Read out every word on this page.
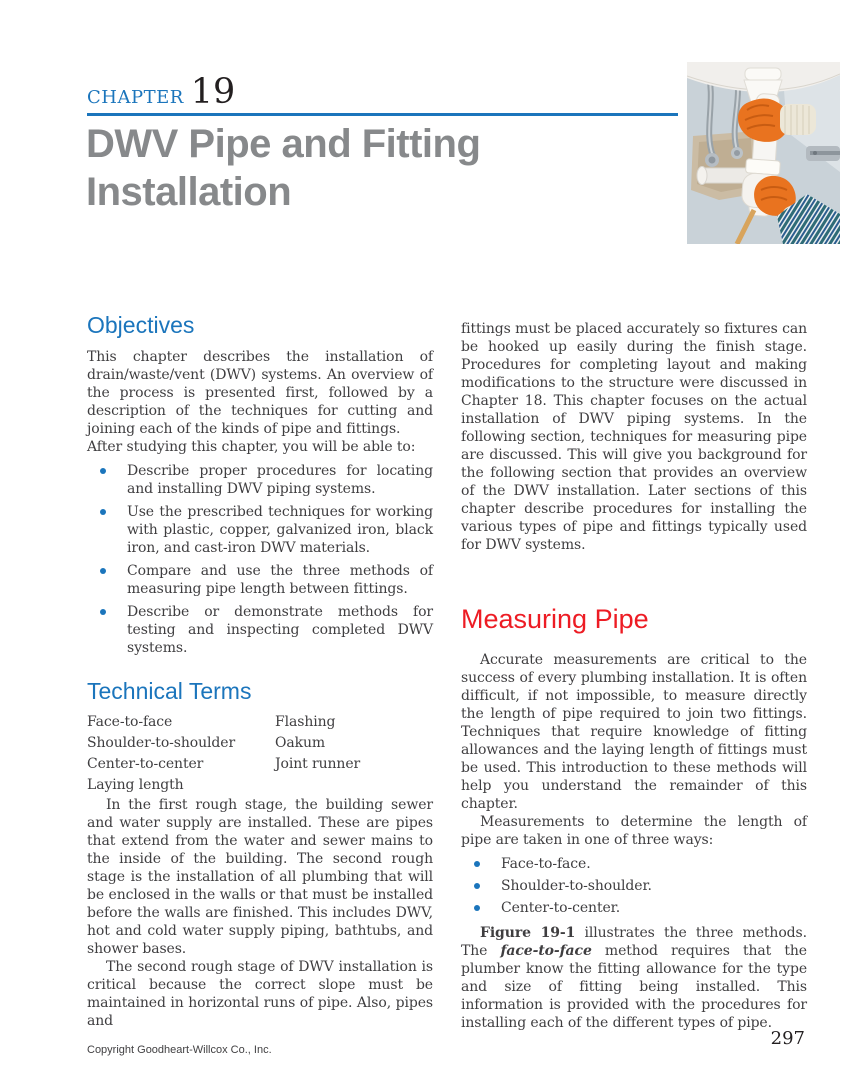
CHAPTER 19
DWV Pipe and Fitting
Installation
Objectives

This chapter describes the installation of drain/waste/vent (DWV) systems. An overview of the process is presented first, followed by a description of the techniques for cutting and joining each of the kinds of pipe and fittings.

After studying this chapter, you will be able to:

Describe proper procedures for locating and installing DWV piping systems.
Use the prescribed techniques for working with plastic, copper, galvanized iron, black iron, and cast-iron DWV materials.
Compare and use the three methods of measuring pipe length between fittings.
Describe or demonstrate methods for testing and inspecting completed DWV systems.
Technical Terms
Face-to-face
Shoulder-to-shoulder
Center-to-center
Laying length
Flashing
Oakum
Joint runner

In the first rough stage, the building sewer and water supply are installed. These are pipes that extend from the water and sewer mains to the inside of the building. The second rough stage is the installation of all plumbing that will be enclosed in the walls or that must be installed before the walls are finished. This includes DWV, hot and cold water supply piping, bathtubs, and shower bases.

The second rough stage of DWV installation is critical because the correct slope must be maintained in horizontal runs of pipe. Also, pipes and

fittings must be placed accurately so fixtures can be hooked up easily during the finish stage. Procedures for completing layout and making modifications to the structure were discussed in Chapter 18. This chapter focuses on the actual installation of DWV piping systems. In the following section, techniques for measuring pipe are discussed. This will give you background for the following section that provides an overview of the DWV installation. Later sections of this chapter describe procedures for installing the various types of pipe and fittings typically used for DWV systems.

Measuring Pipe

Accurate measurements are critical to the success of every plumbing installation. It is often difficult, if not impossible, to measure directly the length of pipe required to join two fittings. Techniques that require knowledge of fitting allowances and the laying length of fittings must be used. This introduction to these methods will help you understand the remainder of this chapter.

Measurements to determine the length of pipe are taken in one of three ways:

Face-to-face.
Shoulder-to-shoulder.
Center-to-center.

Figure 19-1 illustrates the three methods. The face-to-face method requires that the plumber know the fitting allowance for the type and size of fitting being installed. This information is provided with the procedures for installing each of the different types of pipe.

Copyright Goodheart-Willcox Co., Inc.
297
